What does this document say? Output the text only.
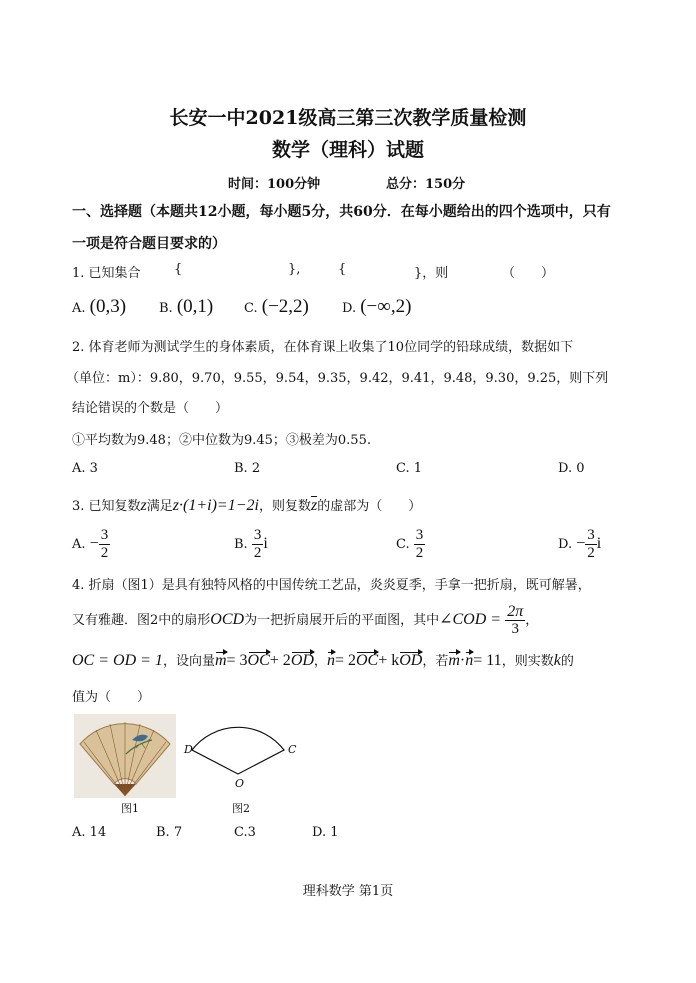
长安一中2021级高三第三次教学质量检测
数学（理科）试题
时间：100分钟	总分：150分
一、选择题（本题共12小题，每小题5分，共60分．在每小题给出的四个选项中，只有
一项是符合题目要求的）
1. 已知集合	{	},	{	}，则	（　　）
A. (0,3)	B. (0,1) C. (−2,2)	D. (−∞,2)
2. 体育老师为测试学生的身体素质，在体育课上收集了10位同学的铅球成绩，数据如下
（单位：m）：9.80，9.70，9.55，9.54，9.35，9.42，9.41，9.48，9.30，9.25，则下列
结论错误的个数是（　　）
①平均数为9.48；②中位数为9.45；③极差为0.55.
A. 3	B. 2	C. 1	D. 0
3. 已知复数z满足z·(1+i)=1−2i，则复数z的虚部为（　　）
A. − $\frac{3}{2}$	B. $\frac{3}{2}$ i	C. $\frac{3}{2}$	D. − $\frac{3}{2}$ i
4. 折扇（图1）是具有独特风格的中国传统工艺品，炎炎夏季，手拿一把折扇，既可解暑，
又有雅趣．图2中的扇形OCD为一把折扇展开后的平面图，其中∠COD = $\frac{2\pi}{3}$ ，
OC = OD = 1，设向量m= 3OC+ 2OD，n= 2OC+ kOD，若m·n= 11，则实数k的
值为（　　）
D	C
O
图1	图2
A. 14	B. 7	C.3	D. 1
理科数学 第1页
